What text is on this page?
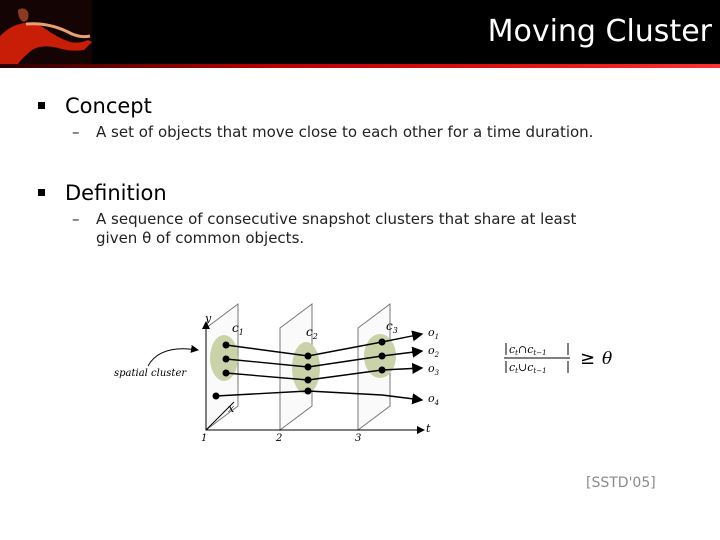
Moving Cluster
Concept
– A set of objects that move close to each other for a time duration.
Definition
– A sequence of consecutive snapshot clusters that share at least
given θ of common objects.
spatial cluster
y
x
t
1	2	3
$c_1$	$c_2$
$c_3$	$o_1$
$o_2$
$o_3$
$o_4$
ct∩ct−1
ct∪ct−1
≥ θ
[SSTD'05]
